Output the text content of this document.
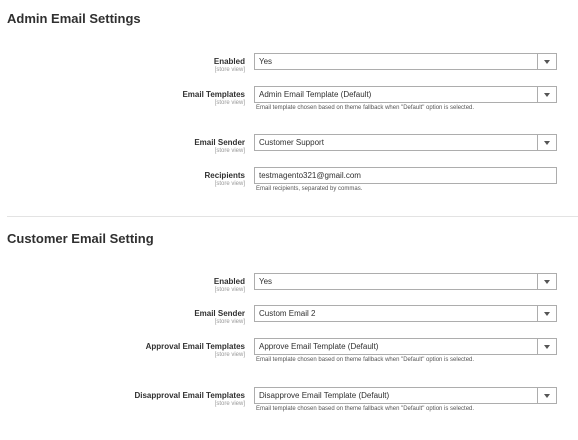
Admin Email Settings
Enabled
[store view]
Yes
Email Templates
[store view]
Admin Email Template (Default)
Email template chosen based on theme fallback when "Default" option is selected.
Email Sender
[store view]
Customer Support
Recipients
[store view]
testmagento321@gmail.com
Email recipients, separated by commas.
Customer Email Setting
Enabled
[store view]
Yes
Email Sender
[store view]
Custom Email 2
Approval Email Templates
[store view]
Approve Email Template (Default)
Email template chosen based on theme fallback when "Default" option is selected.
Disapproval Email Templates
[store view]
Disapprove Email Template (Default)
Email template chosen based on theme fallback when "Default" option is selected.
